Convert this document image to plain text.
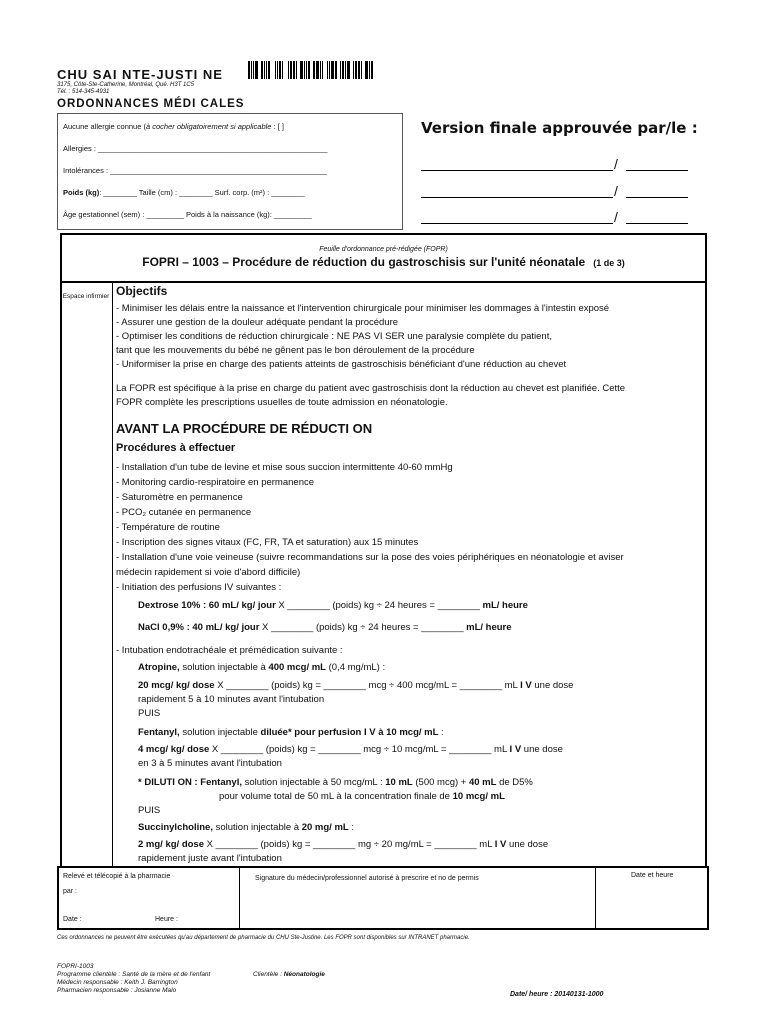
CHU SAI NTE-JUSTI NE
3175, Côte-Ste-Catherine, Montréal, Qué. H3T 1C5
Tél. : 514-345-4931
ORDONNANCES MÉDI CALES
Aucune allergie connue (à cocher obligatoirement si applicable : [ ]
Allergies : _______________________________________________________
Intolérances : ____________________________________________________
Poids (kg): ________ Taille (cm) : ________ Surf. corp. (m²) : ________
Âge gestationnel (sem) : _________ Poids à la naissance (kg): _________
Version finale approuvée par/le :
/
/
/
Feuille d'ordonnance pré-rédigée (FOPR)
FOPRI – 1003 – Procédure de réduction du gastroschisis sur l'unité néonatale (1 de 3)
Espace infirmier Objectifs
- Minimiser les délais entre la naissance et l'intervention chirurgicale pour minimiser les dommages à l'intestin exposé
- Assurer une gestion de la douleur adéquate pendant la procédure
- Optimiser les conditions de réduction chirurgicale : NE PAS VI SER une paralysie complète du patient,
tant que les mouvements du bébé ne gênent pas le bon déroulement de la procédure
- Uniformiser la prise en charge des patients atteints de gastroschisis bénéficiant d'une réduction au chevet
La FOPR est spécifique à la prise en charge du patient avec gastroschisis dont la réduction au chevet est planifiée. Cette
FOPR complète les prescriptions usuelles de toute admission en néonatologie.
AVANT LA PROCÉDURE DE RÉDUCTI ON
Procédures à effectuer
- Installation d'un tube de levine et mise sous succion intermittente 40-60 mmHg
- Monitoring cardio-respiratoire en permanence
- Saturomètre en permanence
- PCO₂ cutanée en permanence
- Température de routine
- Inscription des signes vitaux (FC, FR, TA et saturation) aux 15 minutes
- Installation d'une voie veineuse (suivre recommandations sur la pose des voies périphériques en néonatologie et aviser
médecin rapidement si voie d'abord difficile)
- Initiation des perfusions IV suivantes :
Dextrose 10% : 60 mL/ kg/ jour X ________ (poids) kg ÷ 24 heures = ________ mL/ heure
NaCl 0,9% : 40 mL/ kg/ jour X ________ (poids) kg ÷ 24 heures = ________ mL/ heure
- Intubation endotrachéale et prémédication suivante :
Atropine, solution injectable à 400 mcg/ mL (0,4 mg/mL) :
20 mcg/ kg/ dose X ________ (poids) kg = ________ mcg ÷ 400 mcg/mL = ________ mL I V une dose
rapidement 5 à 10 minutes avant l'intubation
PUIS
Fentanyl, solution injectable diluée* pour perfusion I V à 10 mcg/ mL :
4 mcg/ kg/ dose X ________ (poids) kg = ________ mcg ÷ 10 mcg/mL = ________ mL I V une dose
en 3 à 5 minutes avant l'intubation
* DILUTI ON : Fentanyl, solution injectable à 50 mcg/mL : 10 mL (500 mcg) + 40 mL de D5%
pour volume total de 50 mL à la concentration finale de 10 mcg/ mL
PUIS
Succinylcholine, solution injectable à 20 mg/ mL :
2 mg/ kg/ dose X ________ (poids) kg = ________ mg ÷ 20 mg/mL = ________ mL I V une dose
rapidement juste avant l'intubation
Relevé et télécopié à la pharmacie
par :
Date :	Heure :
Signature du médecin/professionnel autorisé à prescrire et no de permis	Date et heure
Ces ordonnances ne peuvent être exécutées qu'au département de pharmacie du CHU Ste-Justine. Les FOPR sont disponibles sur INTRANET pharmacie.
FOPRI-1003
Programme clientèle : Santé de la mère et de l'enfant
Médecin responsable : Keith J. Barrington
Pharmacien responsable : Josianne Malo
Clientèle : Néonatologie
Date/ heure : 20140131-1000
